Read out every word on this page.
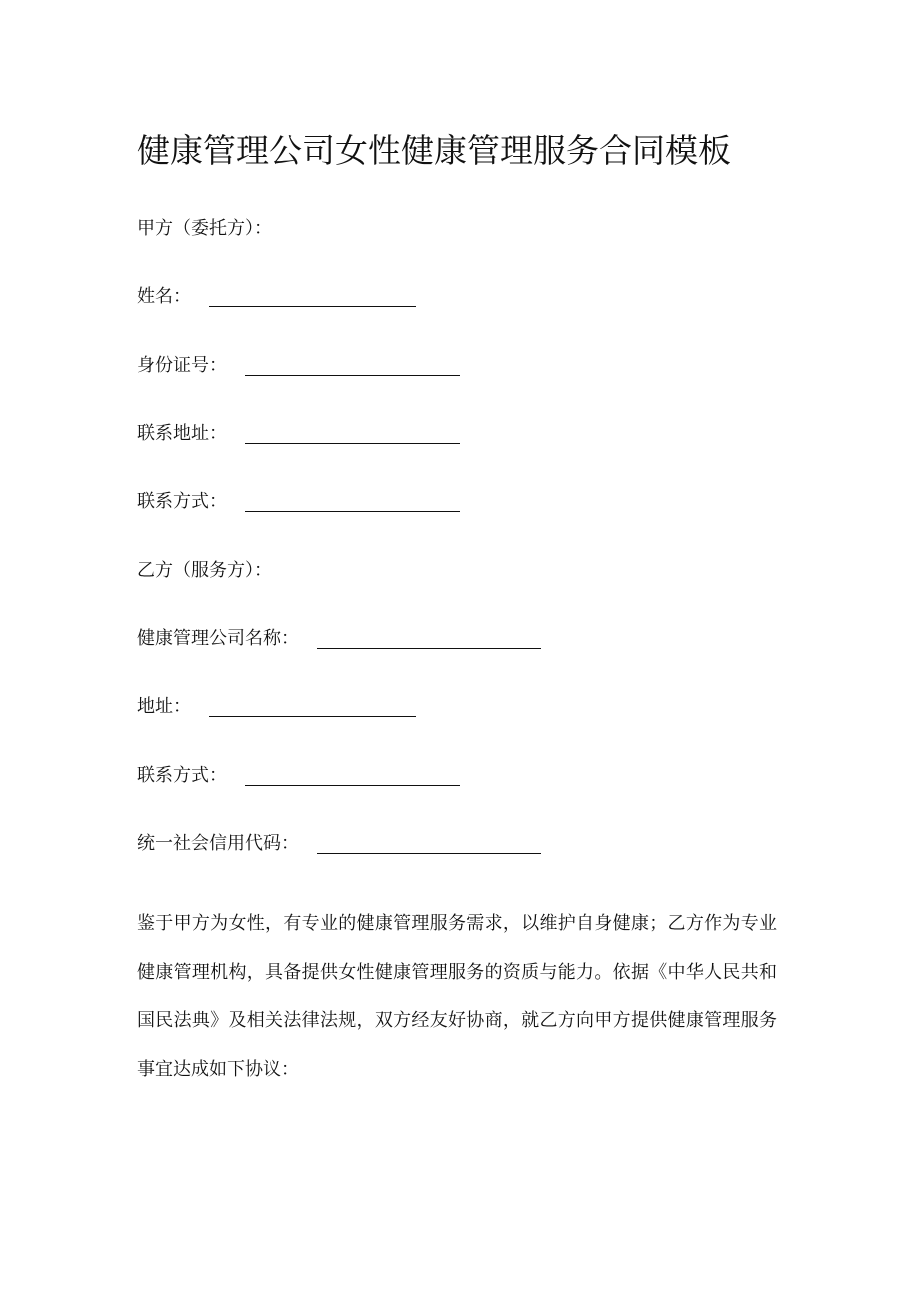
健康管理公司女性健康管理服务合同模板
甲方（委托方）：
姓名：
身份证号：
联系地址：
联系方式：
乙方（服务方）：
健康管理公司名称：
地址：
联系方式：
统一社会信用代码：

鉴于甲方为女性，有专业的健康管理服务需求，以维护自身健康；乙方作为专业健康管理机构，具备提供女性健康管理服务的资质与能力。依据《中华人民共和国民法典》及相关法律法规，双方经友好协商，就乙方向甲方提供健康管理服务事宜达成如下协议：
